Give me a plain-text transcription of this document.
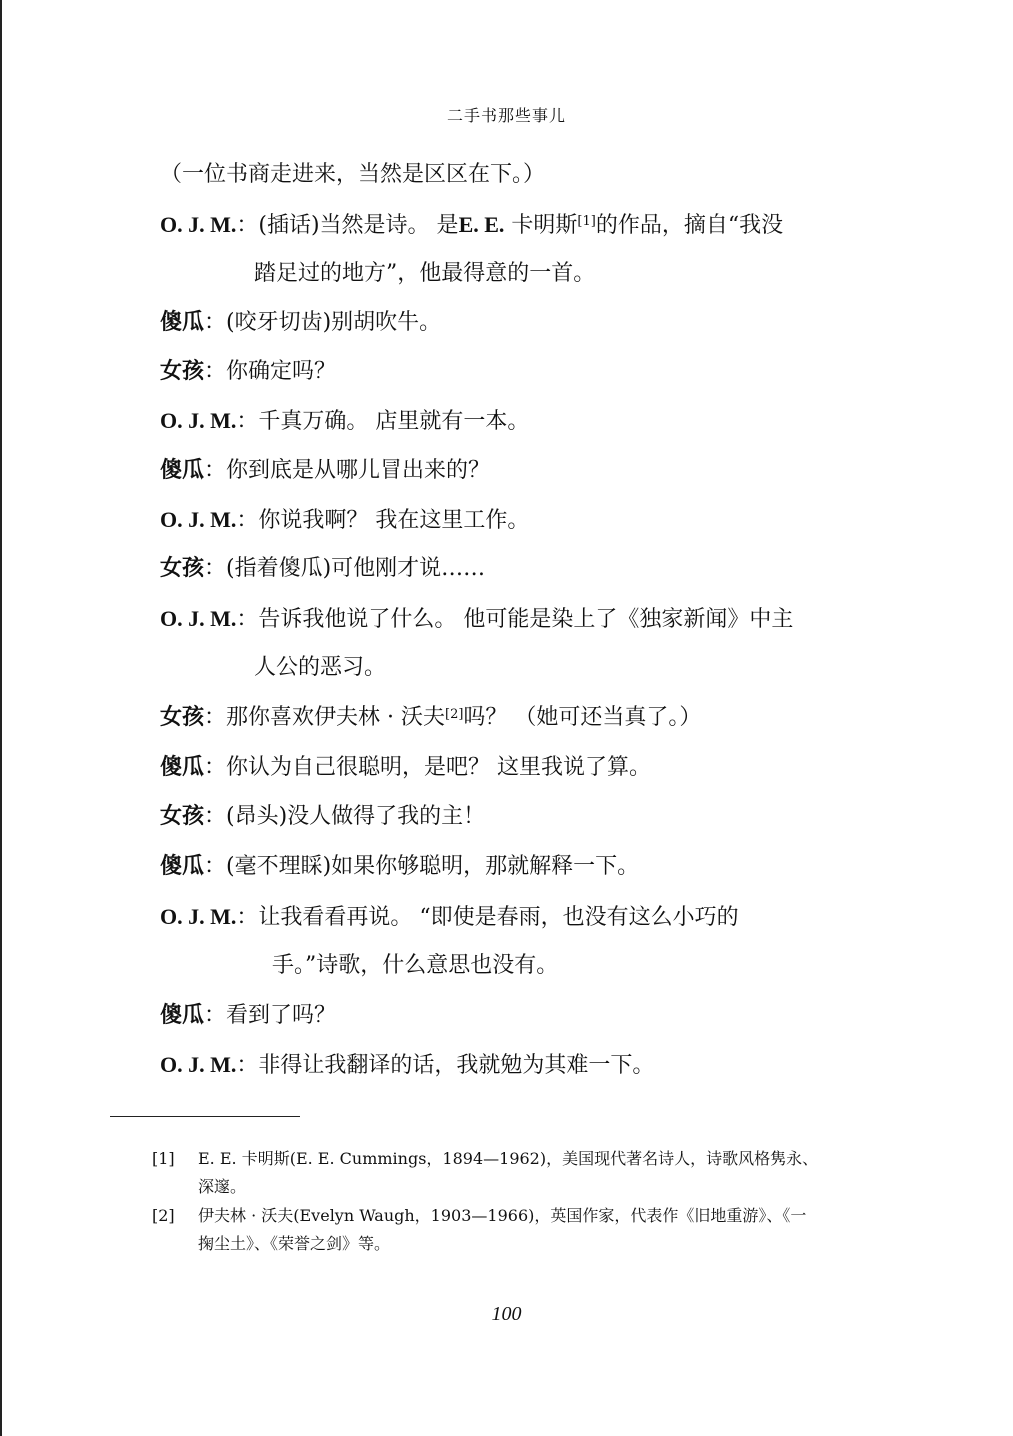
二手书那些事儿
（一位书商走进来，当然是区区在下。）
O. J. M.：(插话)当然是诗。 是E. E. 卡明斯[1]的作品，摘自“我没
踏足过的地方”，他最得意的一首。
傻瓜：(咬牙切齿)别胡吹牛。
女孩：你确定吗？
O. J. M.：千真万确。 店里就有一本。
傻瓜：你到底是从哪儿冒出来的？
O. J. M.：你说我啊？ 我在这里工作。
女孩：(指着傻瓜)可他刚才说……
O. J. M.：告诉我他说了什么。 他可能是染上了《独家新闻》中主
人公的恶习。
女孩：那你喜欢伊夫林 · 沃夫[2]吗？ （她可还当真了。）
傻瓜：你认为自己很聪明，是吧？ 这里我说了算。
女孩：(昂头)没人做得了我的主！
傻瓜：(毫不理睬)如果你够聪明，那就解释一下。
O. J. M.：让我看看再说。 “即使是春雨，也没有这么小巧的
手。”诗歌，什么意思也没有。
傻瓜：看到了吗？
O. J. M.：非得让我翻译的话，我就勉为其难一下。
[1] E. E. 卡明斯(E. E. Cummings，1894—1962)，美国现代著名诗人，诗歌风格隽永、
深邃。
[2] 伊夫林 · 沃夫(Evelyn Waugh，1903—1966)，英国作家，代表作《旧地重游》、《一
掬尘土》、《荣誉之剑》等。
100
